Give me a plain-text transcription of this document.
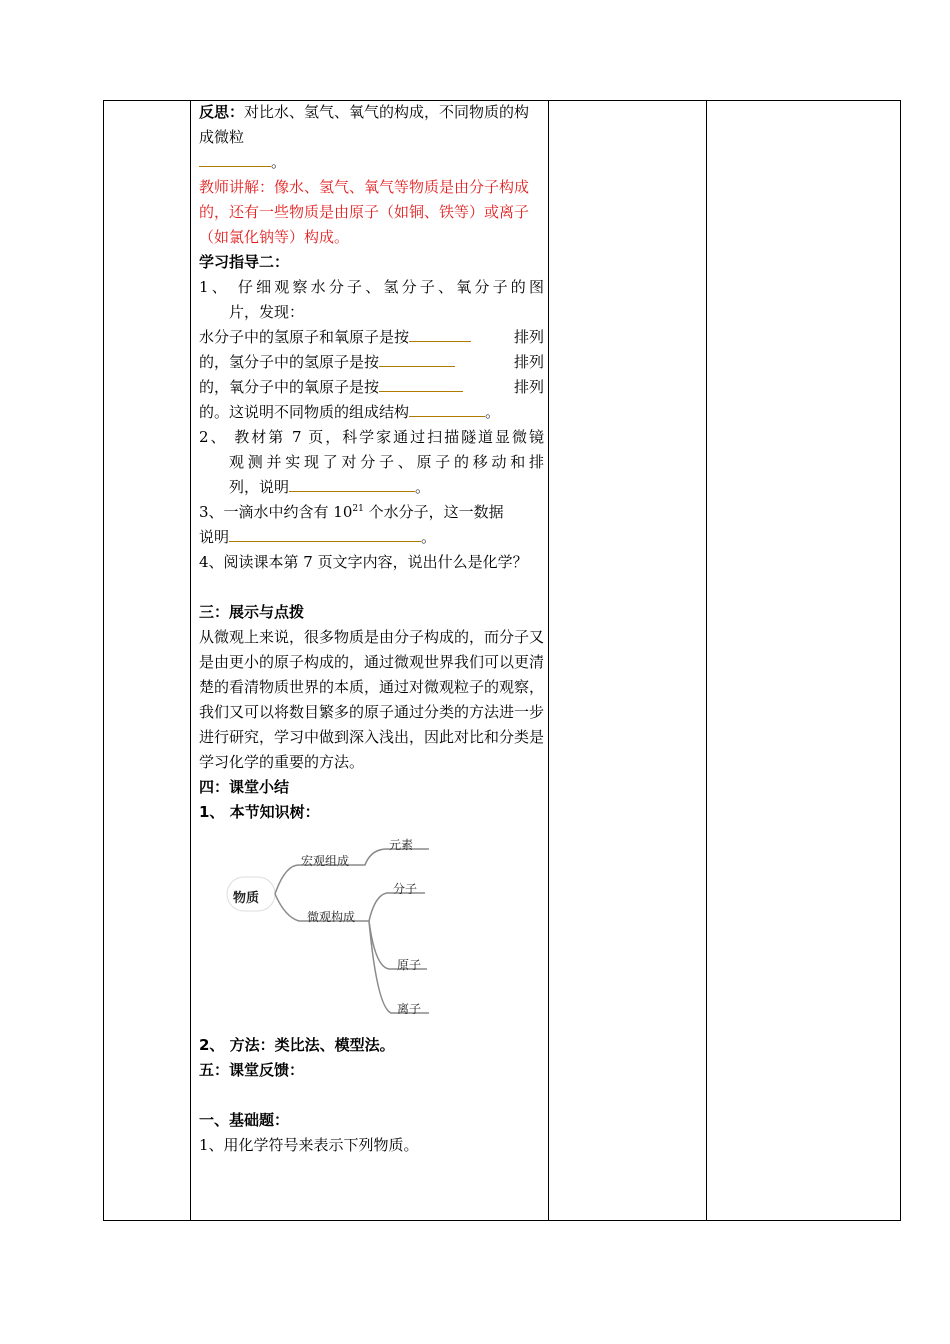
反思：对比水、氢气、氧气的构成，不同物质的构成微粒

。

教师讲解：像水、氢气、氧气等物质是由分子构成的，还有一些物质是由原子（如铜、铁等）或离子（如氯化钠等）构成。

学习指导二：

1、 仔细观察水分子、氢分子、氧分子的图

片，发现：

水分子中的氢原子和氧原子是按	排列

的，氢分子中的氢原子是按	排列

的，氧分子中的氧原子是按	排列

的。这说明不同物质的组成结构	。

2、 教材第 7 页，科学家通过扫描隧道显微镜

观测并实现了对分子、原子的移动和排

列，说明	。

3、一滴水中约含有 $10^{21}$ 个水分子，这一数据

说明	。

4、阅读课本第 7 页文字内容，说出什么是化学？

三：展示与点拨

从微观上来说，很多物质是由分子构成的，而分子又是由更小的原子构成的，通过微观世界我们可以更清楚的看清物质世界的本质，通过对微观粒子的观察，我们又可以将数目繁多的原子通过分类的方法进一步进行研究，学习中做到深入浅出，因此对比和分类是学习化学的重要的方法。

四：课堂小结

1、 本节知识树：

物质
宏观组成
元素
微观构成
分子
原子
离子

2、 方法：类比法、模型法。

五：课堂反馈：

一、基础题：

1、用化学符号来表示下列物质。
